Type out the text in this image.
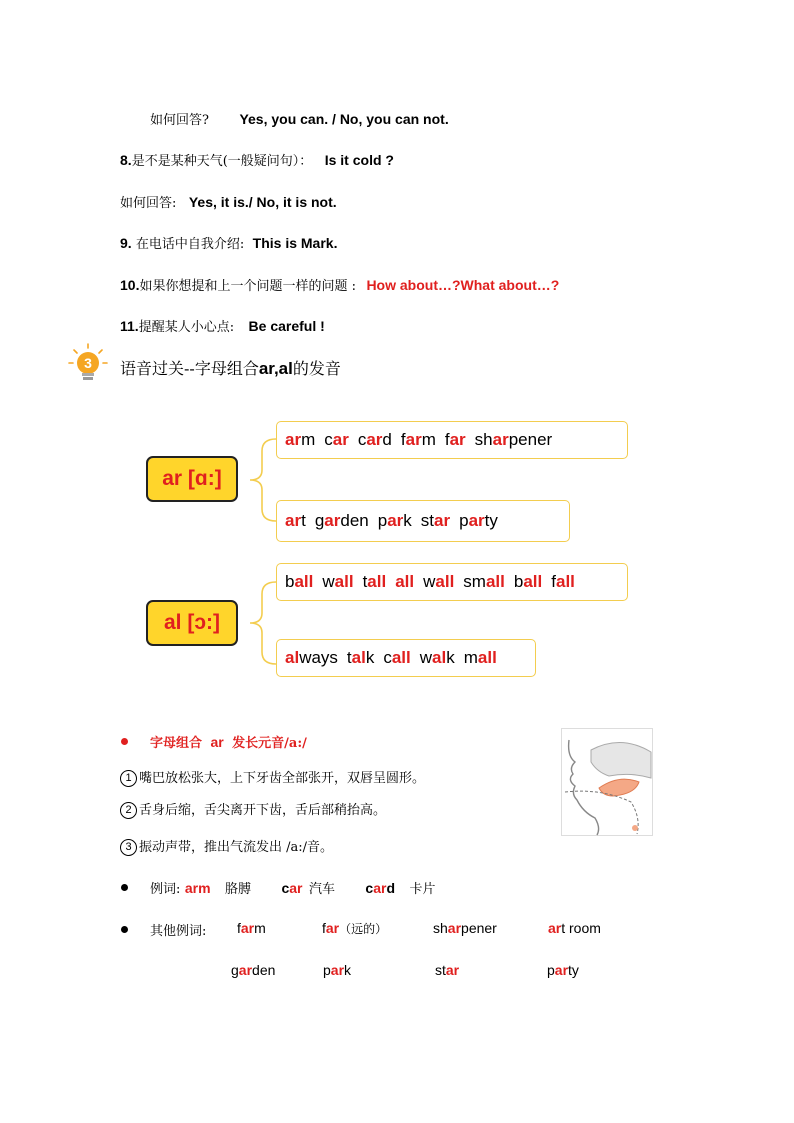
如何回答? Yes, you can. / No, you can not.
8.是不是某种天气(一般疑问句）： Is it cold ?
如何回答: Yes, it is./ No, it is not.
9. 在电话中自我介绍: This is Mark.
10.如果你想提和上一个问题一样的问题 : How about…?What about…?
11.提醒某人小心点: Be careful !
3 语音过关--字母组合ar,al的发音
ar [ɑ:]
arm car card farm far sharpener
art garden park star party
al [ɔ:]
ball wall tall all wall small ball fall
always talk call walk mall
字母组合 ar 发长元音/a:/
1 嘴巴放松张大，上下牙齿全部张开，双唇呈圆形。
2 舌身后缩，舌尖离开下齿，舌后部稍抬高。
3 振动声带，推出气流发出 /a:/音。
例词: arm 胳膊 car 汽车 card 卡片
其他例词: farm	far（远的）	sharpener	art room
garden	park	star	party
